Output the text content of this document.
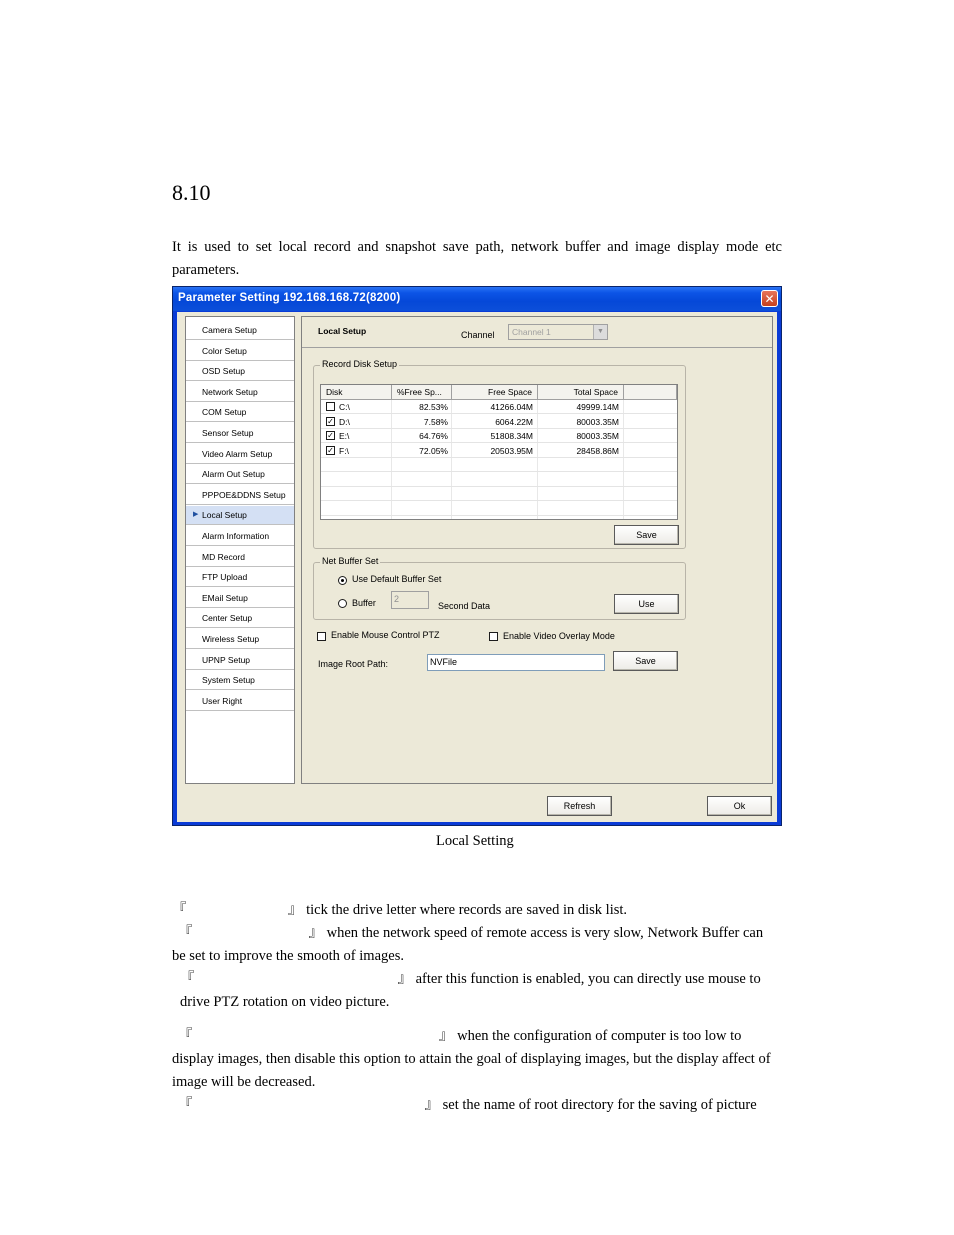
8.10
It is used to set local record and snapshot save path, network buffer and image display mode etc parameters.
Parameter Setting 192.168.168.72(8200)	✕
Camera Setup
Color Setup
OSD Setup
Network Setup
COM Setup
Sensor Setup
Video Alarm Setup
Alarm Out Setup
PPPOE&DDNS Setup
▶ Local Setup
Alarm Information
MD Record
FTP Upload
EMail Setup
Center Setup
Wireless Setup
UPNP Setup
System Setup
User Right
Local Setup	Channel	Channel 1	▼
Record Disk Setup
Disk	%Free Sp...	Free Space	Total Space
C:\	82.53%	41266.04M	49999.14M
✓ D:\	7.58%	6064.22M	80003.35M
✓ E:\	64.76%	51808.34M	80003.35M
✓ F:\	72.05%	20503.95M	28458.86M
Save
Net Buffer Set
Use Default Buffer Set
Buffer	2
Second Data	Use
Enable Mouse Control PTZ	Enable Video Overlay Mode
Image Root Path:	NVFile	Save
Refresh	Ok
Local Setting
『　　　　　　　』 tick the drive letter where records are saved in disk list.
『　　　　　　　　』 when the network speed of remote access is very slow, Network Buffer can be set to improve the smooth of images.
『　　　　　　　　　　　　　　』 after this function is enabled, you can directly use mouse to drive PTZ rotation on video picture.
『　　　　　　　　　　　　　　　　　』 when the configuration of computer is too low to display images, then disable this option to attain the goal of displaying images, but the display affect of image will be decreased.
『　　　　　　　　　　　　　　　　』 set the name of root directory for the saving of picture
